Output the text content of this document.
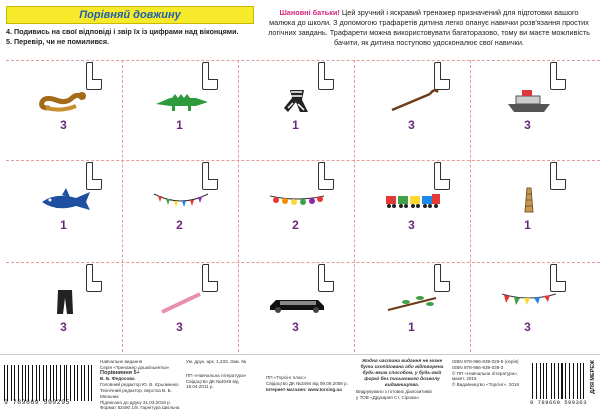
Порівняй довжину
4. Подивись на свої відповіді і звір їх із цифрами над віконцями.
5. Перевір, чи не помилився.
Шановні батьки! Цей зручний і яскравий тренажер призначений для підготовки вашого малюка до школи. З допомогою трафаретів дитина легко опанує навички розв'язання простих логічних завдань. Трафарети можна використовувати багаторазово, тому ви маєте можливість бачити, як дитина поступово удосконалює свої навички.
3	1	1	3	3
1	2	2	3	1
3	3	3	1	3
9 789669 590295
Навчальне видання
Серія «Тренажер дошкільнятка»
Порівняння 5+
В. Б. Федосова
Головний редактор Ю. В. Єрьоменко
Технічний редактор, верстка В. Б. Мельник
Підписано до друку 31.03.2016 р.
Формат 62х90 1/8. Гарнітура Шкільна
Ум. друк. арк. 1,233. Зам. №
ПП «Навчальна література»
Свідоцтво ДК №4049 від 18.04.2011 р.
ПП «Торсінг плюс»
Свідоцтво ДК №3494 від 09.09.2008 р.
Інтернет-магазин: www.torsing.ua
Жодна частина видання не може бути скопійована або відтворена будь-яким способом, у будь-якій формі без письмового дозволу видавництва.
Видрукувано з готових діапозитивів
у ТОВ «Друкарня Ст. Сірожа»
ISBN 978-966-939-029-5 (серія)
ISBN 978-966-939-036-3
© ПП «Навчальна література», макет, 2016
© Видавництво «Торсінг», 2016
9 789669 590363
ДЛЯ МЕРЕЖ
